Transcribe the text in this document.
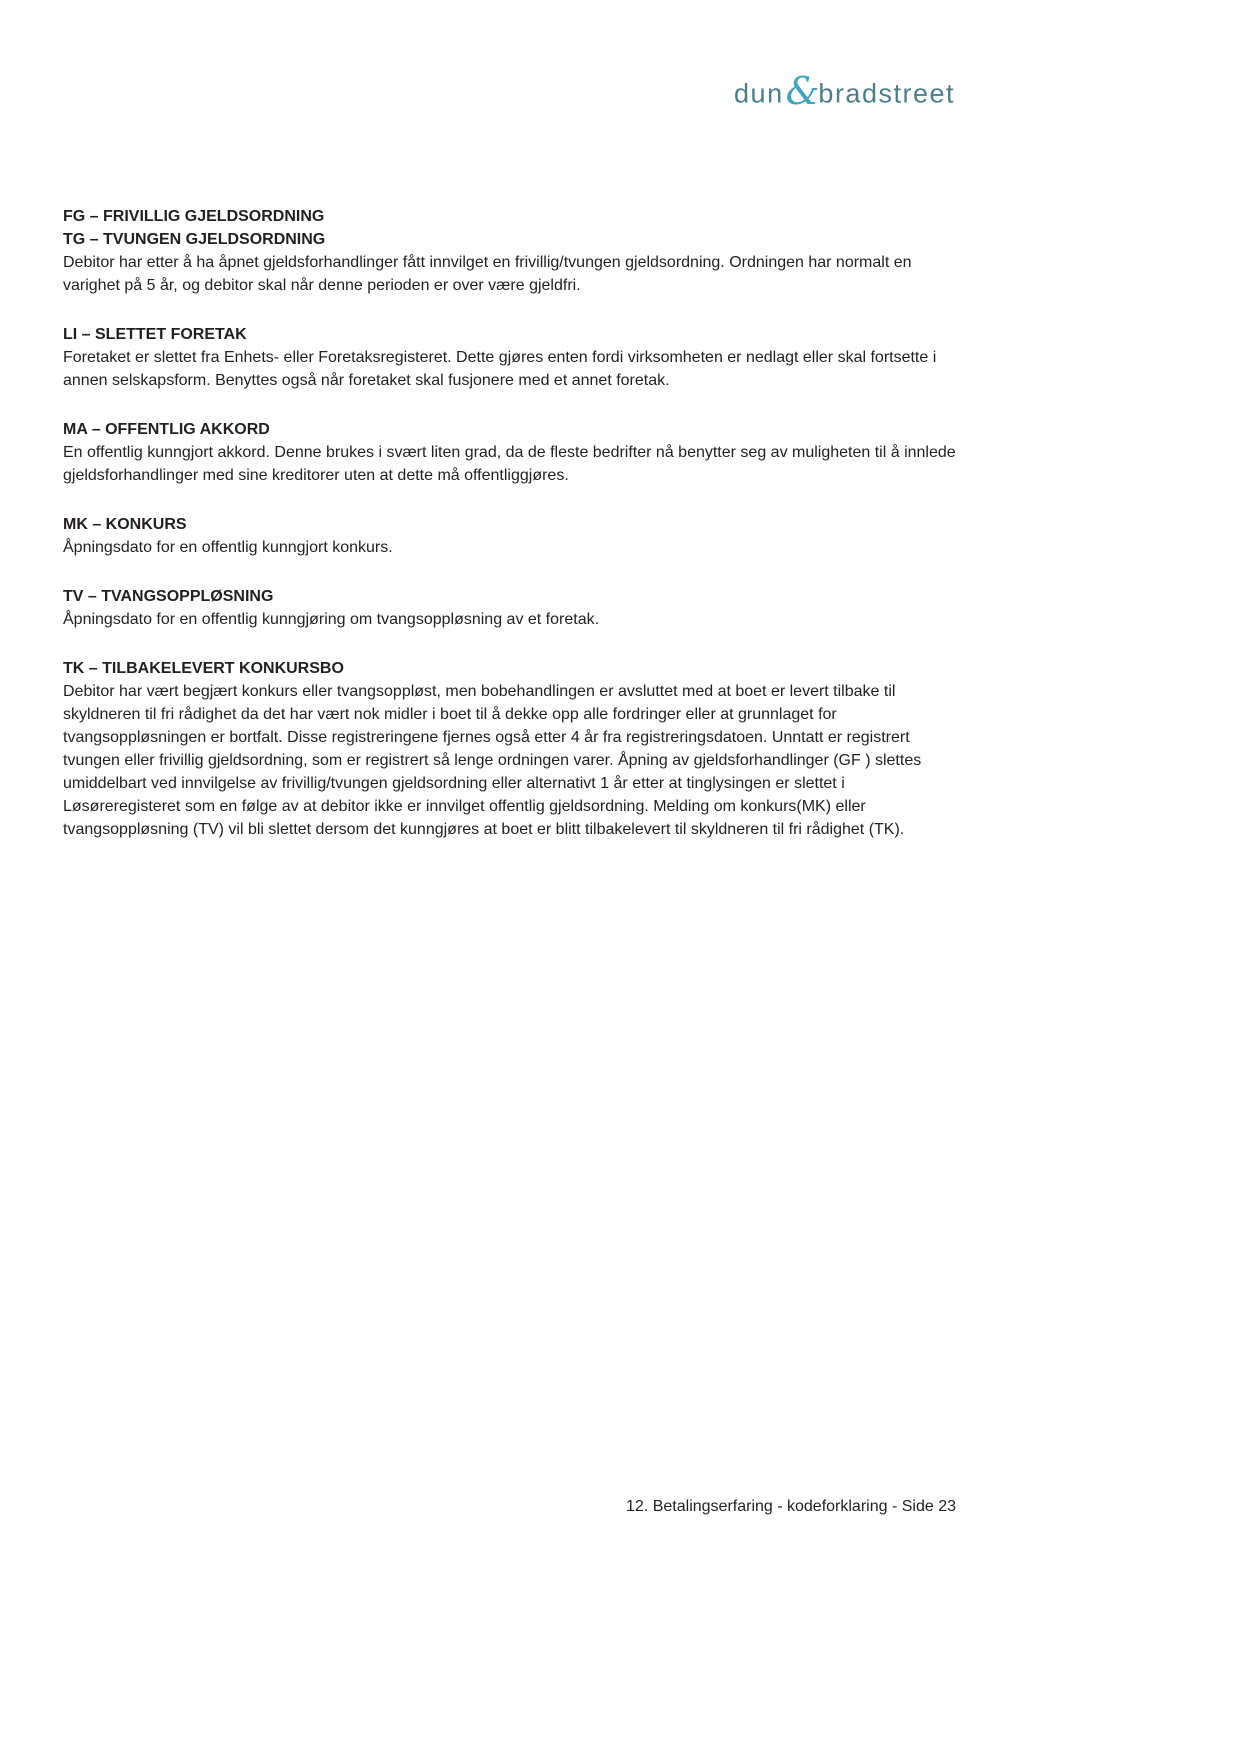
dun&bradstreet
FG – FRIVILLIG GJELDSORDNING
TG – TVUNGEN GJELDSORDNING

Debitor har etter å ha åpnet gjeldsforhandlinger fått innvilget en frivillig/tvungen gjeldsordning. Ordningen har normalt en varighet på 5 år, og debitor skal når denne perioden er over være gjeldfri.

LI – SLETTET FORETAK

Foretaket er slettet fra Enhets- eller Foretaksregisteret. Dette gjøres enten fordi virksomheten er nedlagt eller skal fortsette i annen selskapsform. Benyttes også når foretaket skal fusjonere med et annet foretak.

MA – OFFENTLIG AKKORD

En offentlig kunngjort akkord. Denne brukes i svært liten grad, da de fleste bedrifter nå benytter seg av muligheten til å innlede gjeldsforhandlinger med sine kreditorer uten at dette må offentliggjøres.

MK – KONKURS

Åpningsdato for en offentlig kunngjort konkurs.

TV – TVANGSOPPLØSNING

Åpningsdato for en offentlig kunngjøring om tvangsoppløsning av et foretak.

TK – TILBAKELEVERT KONKURSBO

Debitor har vært begjært konkurs eller tvangsoppløst, men bobehandlingen er avsluttet med at boet er levert tilbake til skyldneren til fri rådighet da det har vært nok midler i boet til å dekke opp alle fordringer eller at grunnlaget for tvangsoppløsningen er bortfalt. Disse registreringene fjernes også etter 4 år fra registreringsdatoen. Unntatt er registrert tvungen eller frivillig gjeldsordning, som er registrert så lenge ordningen varer. Åpning av gjeldsforhandlinger (GF ) slettes umiddelbart ved innvilgelse av frivillig/tvungen gjeldsordning eller alternativt 1 år etter at tinglysingen er slettet i Løsøreregisteret som en følge av at debitor ikke er innvilget offentlig gjeldsordning. Melding om konkurs(MK) eller tvangsoppløsning (TV) vil bli slettet dersom det kunngjøres at boet er blitt tilbakelevert til skyldneren til fri rådighet (TK).

12. Betalingserfaring - kodeforklaring - Side 23
